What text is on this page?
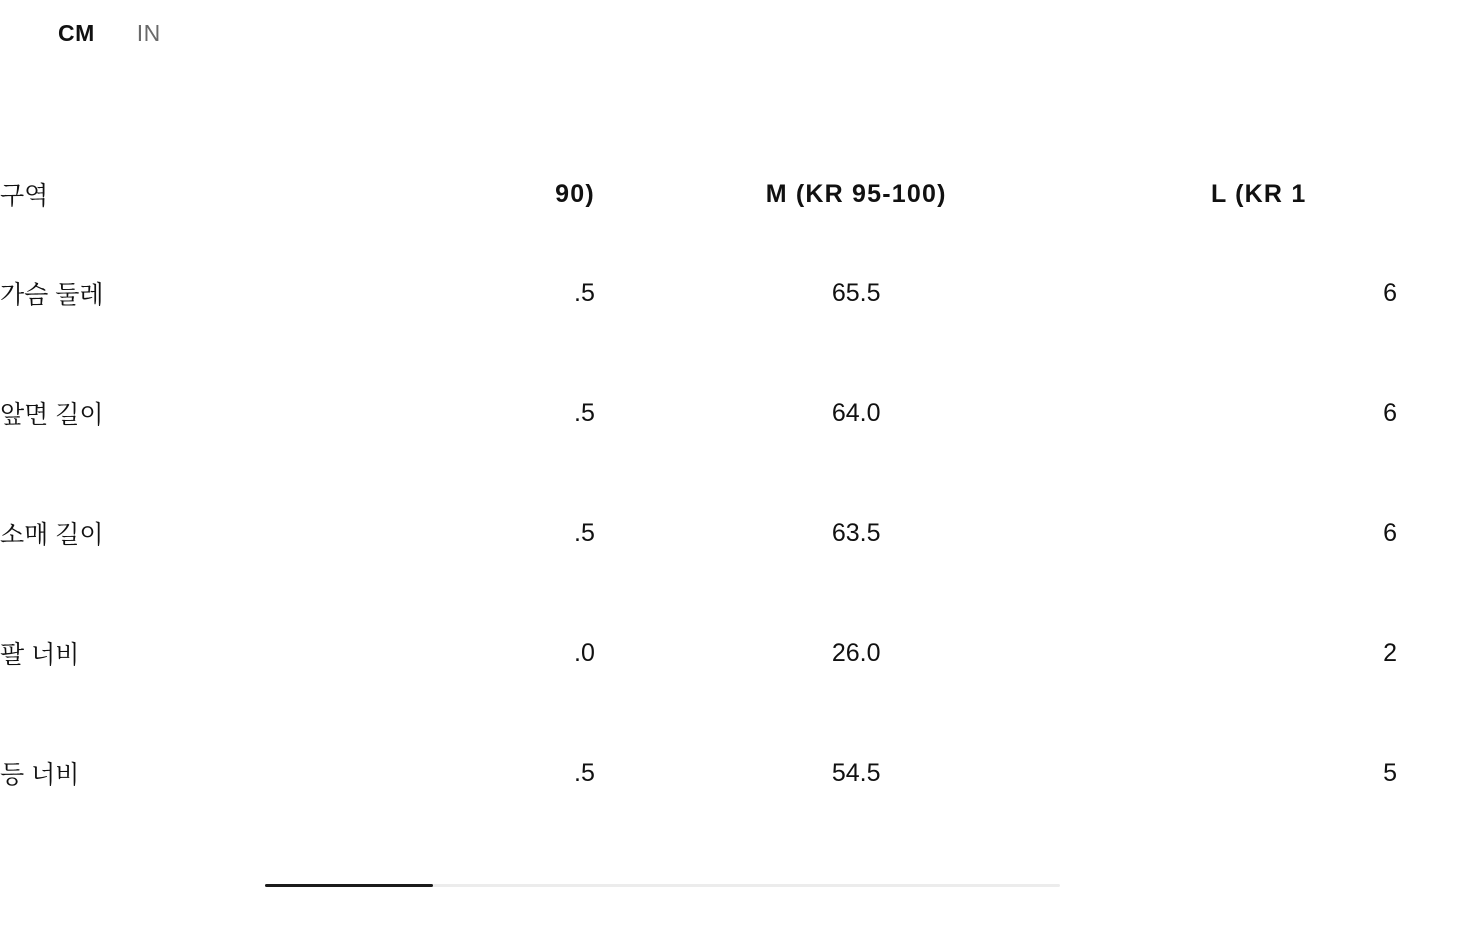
CM IN
구역	90)	M (KR 95-100)	L (KR 1
가슴 둘레	.5	65.5	6
앞면 길이	.5	64.0	6
소매 길이	.5	63.5	6
팔 너비	.0	26.0	2
등 너비	.5	54.5	5
